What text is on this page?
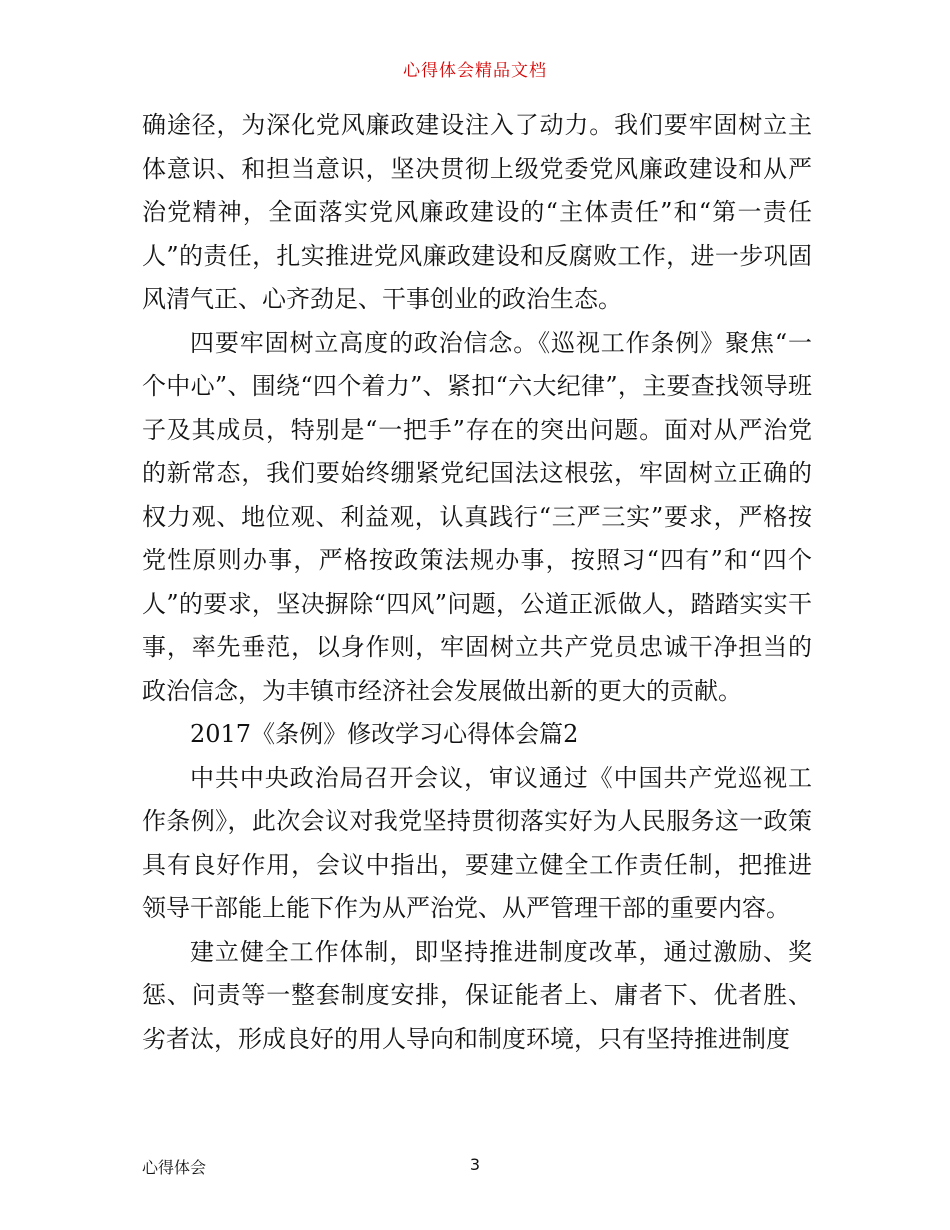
心得体会精品文档

确途径，为深化党风廉政建设注入了动力。我们要牢固树立主体意识、和担当意识，坚决贯彻上级党委党风廉政建设和从严治党精神，全面落实党风廉政建设的“主体责任”和“第一责任人”的责任，扎实推进党风廉政建设和反腐败工作，进一步巩固风清气正、心齐劲足、干事创业的政治生态。

四要牢固树立高度的政治信念。《巡视工作条例》聚焦“一个中心”、围绕“四个着力”、紧扣“六大纪律”，主要查找领导班子及其成员，特别是“一把手”存在的突出问题。面对从严治党的新常态，我们要始终绷紧党纪国法这根弦，牢固树立正确的权力观、地位观、利益观，认真践行“三严三实”要求，严格按党性原则办事，严格按政策法规办事，按照习“四有”和“四个人”的要求，坚决摒除“四风”问题，公道正派做人，踏踏实实干事，率先垂范，以身作则，牢固树立共产党员忠诚干净担当的政治信念，为丰镇市经济社会发展做出新的更大的贡献。

2017《条例》修改学习心得体会篇2

中共中央政治局召开会议，审议通过《中国共产党巡视工作条例》，此次会议对我党坚持贯彻落实好为人民服务这一政策具有良好作用，会议中指出，要建立健全工作责任制，把推进领导干部能上能下作为从严治党、从严管理干部的重要内容。

建立健全工作体制，即坚持推进制度改革，通过激励、奖惩、问责等一整套制度安排，保证能者上、庸者下、优者胜、劣者汰，形成良好的用人导向和制度环境，只有坚持推进制度

心得体会	3
